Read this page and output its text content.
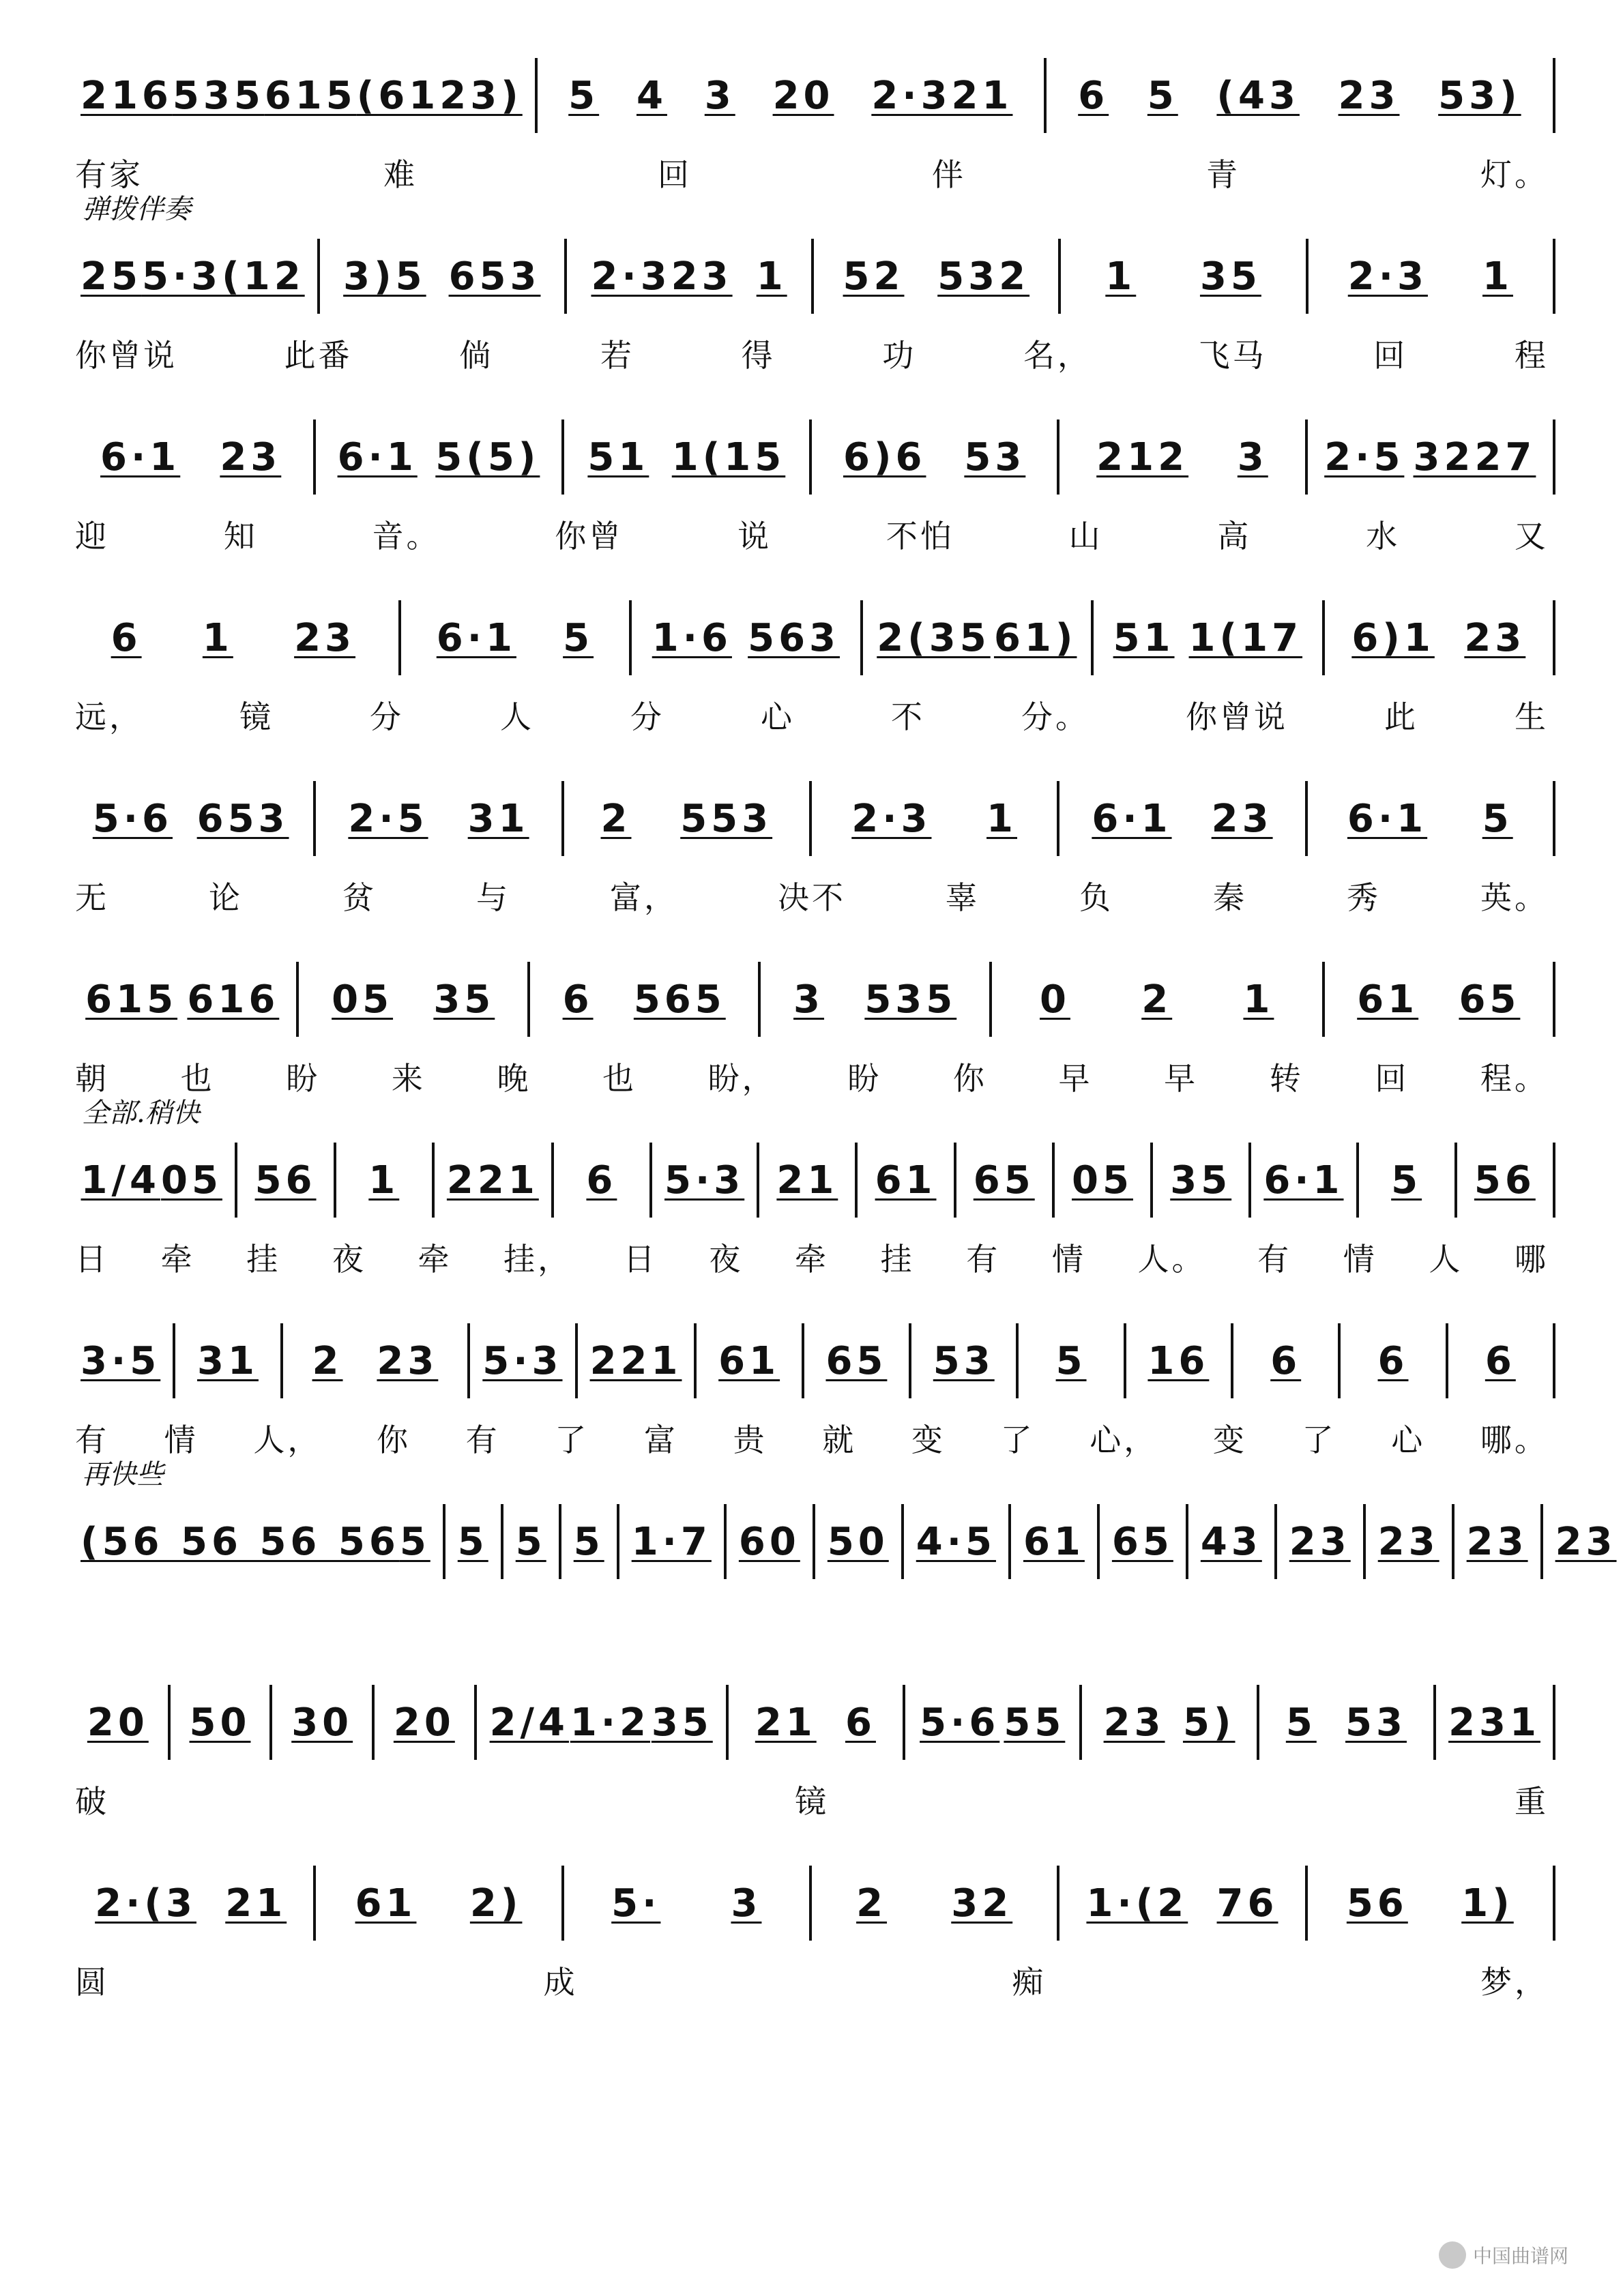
216 535 615 (6123) 5 4 3 20 2·321 6 5 (43 23 53)
有家	难	回	伴	青	灯。
弹拨伴奏
25 5·3(12 3)5 653 2·323 1 52 532 1 35 2·3 1
你曾说	此番	倘	若	得	功	名，	飞马	回	程
6·1 23 6·1 5(5) 51 1(15 6)6 53 212 3 2·5 3227
迎	知	音。	你曾	说	不怕	山	高	水	又
6 1 23 6·1 5 1·6 563 2(35 61) 51 1(17 6)1 23
远，	镜	分	人	分	心	不	分。	你曾说	此	生
5·6 653 2·5 31 2 553 2·3 1 6·1 23 6·1 5
无	论	贫	与	富，	决不	辜	负	秦	秀	英。
615 616 05 35 6 565 3 535 0 2 1 61 65
朝 也 盼 来 晚 也 盼， 盼 你 早 早 转 回 程。
全部.稍快
1/4 05 56 1 221 6 5·3 21 61 65 05 35 6·1 5 56
日 牵 挂 夜 牵 挂， 日 夜 牵 挂 有 情 人。 有 情 人 哪
3·5 31 2 23 5·3 221 61 65 53 5 16 6 6 6
有 情 人， 你 有 了 富 贵 就 变 了 心， 变 了 心 哪。
再快些
(56 56 56 56 5 5 5 5 1·7 60 50 4·5 61 65 43 23 23 23 23
20 50 30 20 2/4 1·2 35 21 6 5·6 55 23 5) 5 53 231
破	镜	重
2·(3 21 61 2) 5· 3 2 32 1·(2 76 56 1)
圆	成	痴	梦，
中国曲谱网
